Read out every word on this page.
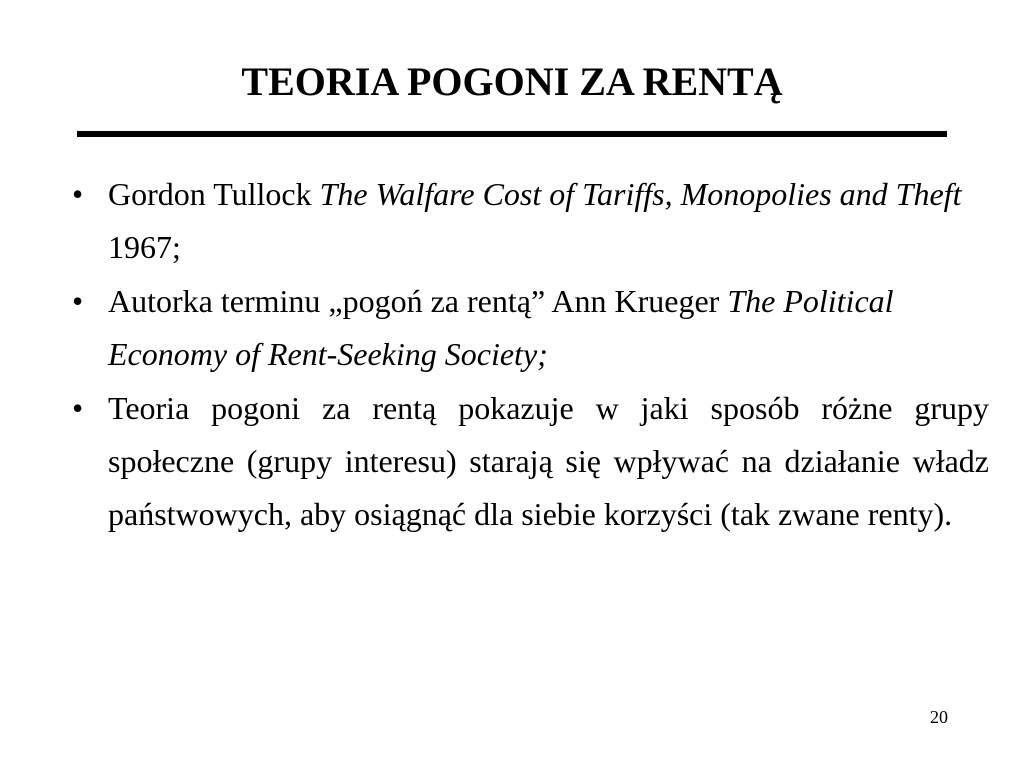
TEORIA POGONI ZA RENTĄ
• Gordon Tullock The Walfare Cost of Tariffs, Monopolies and Theft 1967;
• Autorka terminu „pogoń za rentą” Ann Krueger The Political Economy of Rent-Seeking Society;
• Teoria pogoni za rentą pokazuje w jaki sposób różne grupy społeczne (grupy interesu) starają się wpływać na działanie władz państwowych, aby osiągnąć dla siebie korzyści (tak zwane renty).
20
